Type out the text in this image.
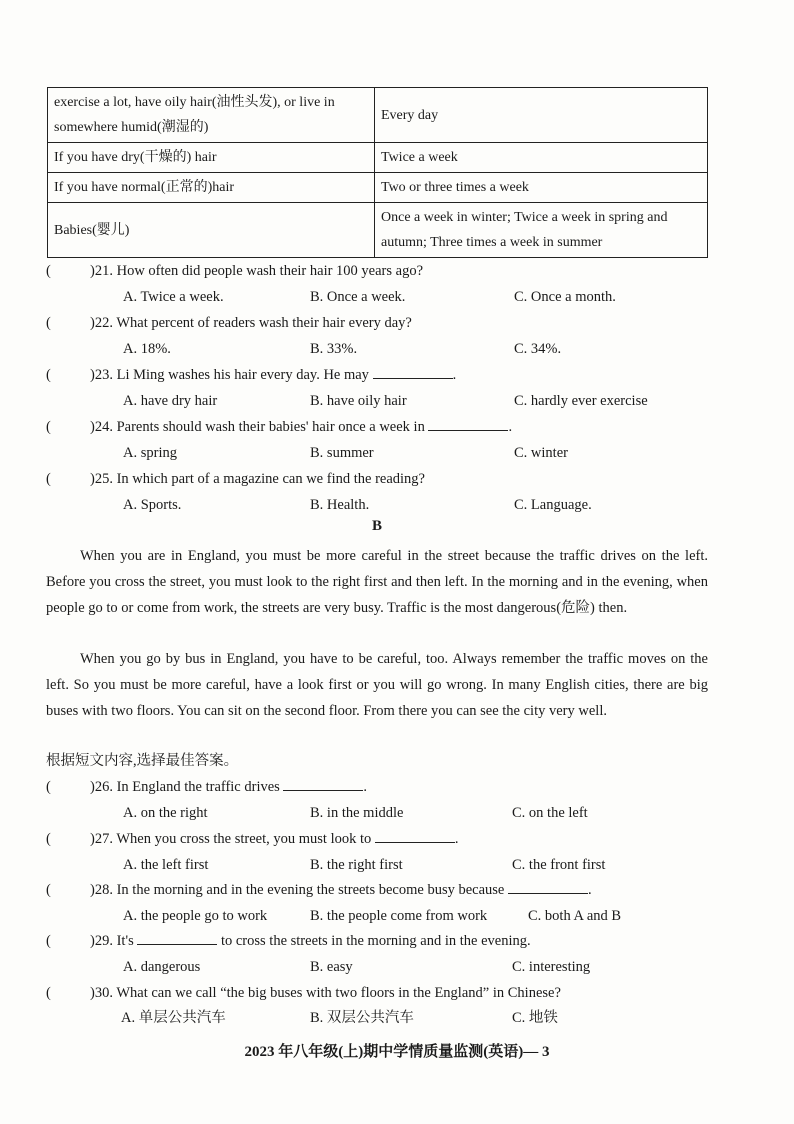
exercise a lot, have oily hair(油性头发), or live in somewhere humid(潮湿的)	Every day
If you have dry(干燥的) hair	Twice a week
If you have normal(正常的)hair	Two or three times a week
Babies(婴儿)	Once a week in winter; Twice a week in spring and autumn; Three times a week in summer
(	)21. How often did people wash their hair 100 years ago?
A. Twice a week.	B. Once a week.	C. Once a month.
(	)22. What percent of readers wash their hair every day?
A. 18%.	B. 33%.	C. 34%.
(	)23. Li Ming washes his hair every day. He may	.
A. have dry hair	B. have oily hair	C. hardly ever exercise
(	)24. Parents should wash their babies' hair once a week in	.
A. spring	B. summer	C. winter
(	)25. In which part of a magazine can we find the reading?
A. Sports.	B. Health.	C. Language.
B
When you are in England, you must be more careful in the street because the traffic drives on the left. Before you cross the street, you must look to the right first and then left. In the morning and in the evening, when people go to or come from work, the streets are very busy. Traffic is the most dangerous(危险) then.
When you go by bus in England, you have to be careful, too. Always remember the traffic moves on the left. So you must be more careful, have a look first or you will go wrong. In many English cities, there are big buses with two floors. You can sit on the second floor. From there you can see the city very well.
根据短文内容,选择最佳答案。
(	)26. In England the traffic drives	.
A. on the right	B. in the middle	C. on the left
(	)27. When you cross the street, you must look to	.
A. the left first	B. the right first	C. the front first
(	)28. In the morning and in the evening the streets become busy because	.
A. the people go to work	B. the people come from work	C. both A and B
(	)29. It's	to cross the streets in the morning and in the evening.
A. dangerous	B. easy	C. interesting
(	)30. What can we call “the big buses with two floors in the England” in Chinese?
A. 单层公共汽车	B. 双层公共汽车	C. 地铁
2023 年八年级(上)期中学情质量监测(英语)— 3
